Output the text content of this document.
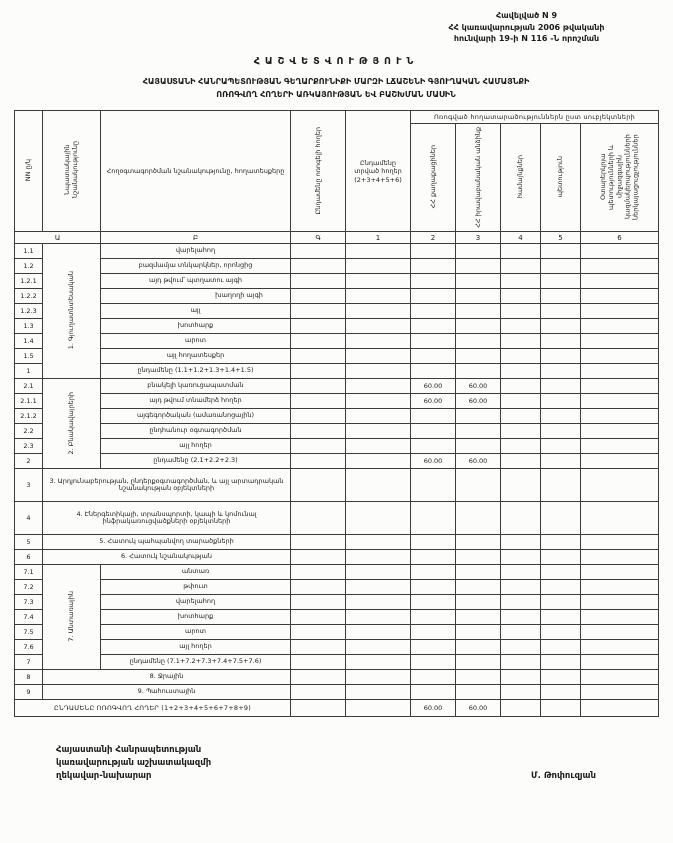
Հավելված N 9
ՀՀ կառավարության 2006 թվականի
հունվարի 19-ի N 116 -Ն որոշման
ՀԱՇՎԵՏՎՈՒԹՅՈՒՆ
ՀԱՅԱՍՏԱՆԻ ՀԱՆՐԱՊԵՏՈՒԹՅԱՆ ԳԵՂԱՐՔՈՒՆԻՔԻ ՄԱՐԶԻ ԼՃԱՇԵՆԻ ԳՅՈՒՂԱԿԱՆ ՀԱՄԱՅՆՔԻ
ՈՌՈԳՎՈՂ ՀՈՂԵՐԻ ԱՌԿԱՅՈՒԹՅԱՆ ԵՎ ԲԱՇԽՄԱՆ ՄԱՍԻՆ
NN ը/կ	Նպատակային նշանակությունը	Հողօգտագործման նշանակությունը, հողատեսքերը	Ընդամենը ոռոգելի հողեր	Ընդամենը տրված հողեր (2+3+4+5+6)	Ոռոգված հողատարածություններն ըստ սուբյեկտների				
					ՀՀ քաղաքացիներ	ՀՀ իրավաբանական անձինք	համայնքներ	պետություն	Օտարերկրյա պետությունների և միջազգային կազմակերպությունների ներկայացուցչություններ
Ա		Բ	Գ	1	2	3	4	5	6
1.1	1. Գյուղատնտեսական	վարելահող							
1.2		բազմամյա տնկարկներ, որոնցից							
1.2.1		այդ թվում՝ պտղատու այգի							
1.2.2		խաղողի այգի							
1.2.3		այլ							
1.3		խոտհարք							
1.4		արոտ							
1.5		այլ հողատեսքեր							
1		ընդամենը (1.1+1.2+1.3+1.4+1.5)							
2.1	2. Բնակավայրերի	բնակելի կառուցապատման			60.00	60.00			
2.1.1		այդ թվում տնամերձ հողեր			60.00	60.00			
2.1.2		այգեգործական (ամառանոցային)							
2.2		ընդհանուր օգտագործման							
2.3		այլ հողեր							
2		ընդամենը (2.1+2.2+2.3)			60.00	60.00			
3	3. Արդյունաբերության, ընդերքօգտագործման, և այլ արտադրական նշանակության օբյեկտների								
4	4. Էներգետիկայի, տրանսպորտի, կապի և կոմունալ ինֆրակառուցվածքների օբյեկտների								
5	5. Հատուկ պահպանվող տարածքների								
6	6. Հատուկ նշանակության								
7.1	7. Անտառային	անտառ							
7.2		թփուտ							
7.3		վարելահող							
7.4		խոտհարք							
7.5		արոտ							
7.6		այլ հողեր							
7		ընդամենը (7.1+7.2+7.3+7.4+7.5+7.6)							
8	8. Ջրային								
9	9. Պահուստային								
ԸՆԴԱՄԵՆԸ ՈՌՈԳՎՈՂ ՀՈՂԵՐ (1+2+3+4+5+6+7+8+9)					60.00	60.00			
Հայաստանի Հանրապետության
կառավարության աշխատակազմի
ղեկավար-նախարար	Մ. Թոփուզյան
